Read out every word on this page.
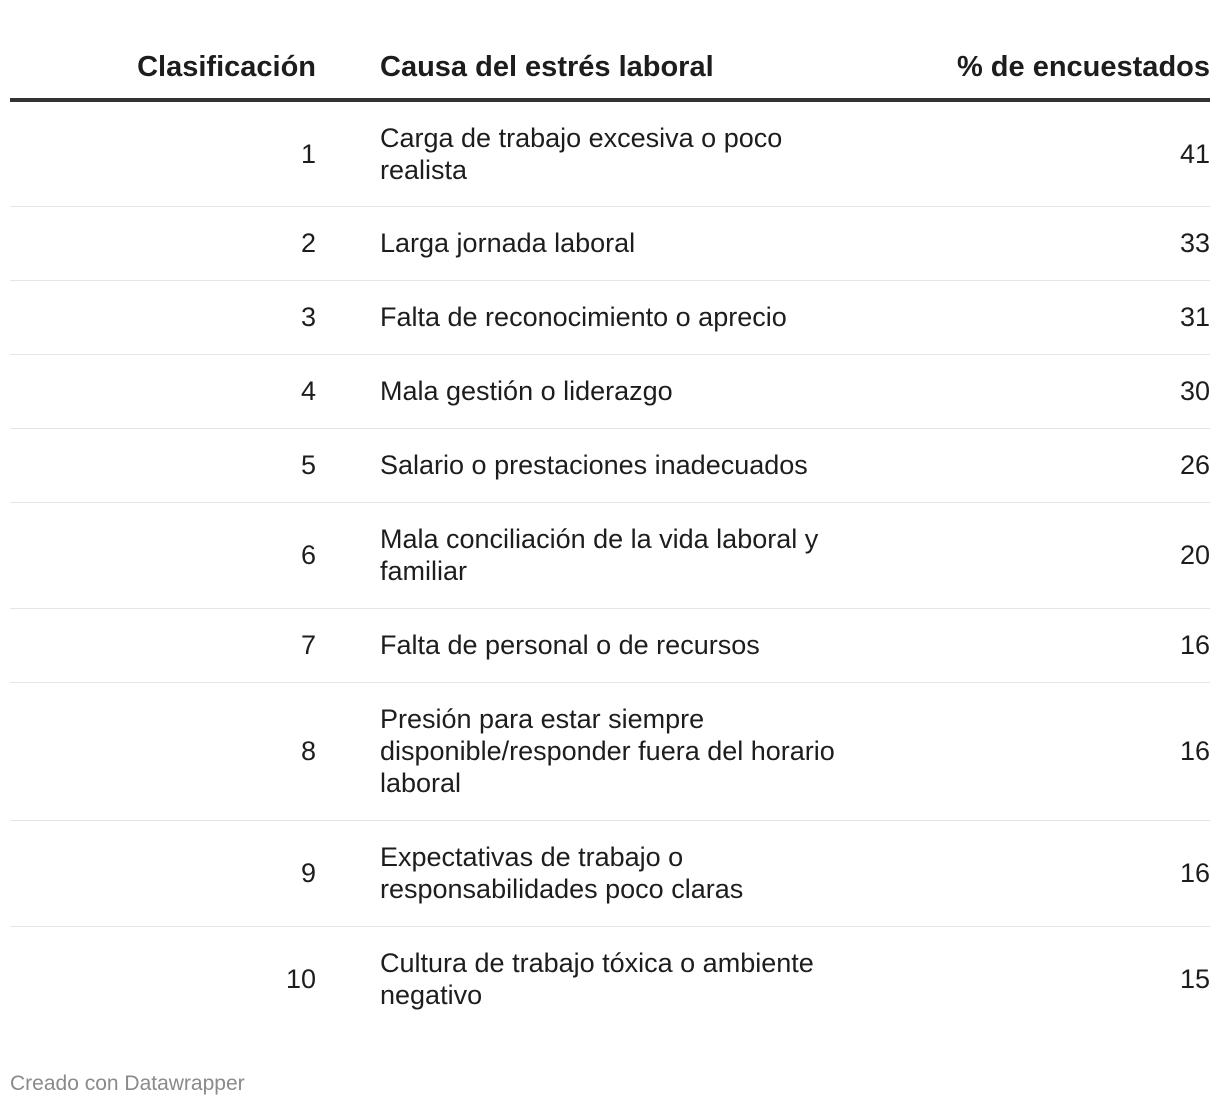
Clasificación		Causa del estrés laboral	% de encuestados
1		Carga de trabajo excesiva o poco realista	41
2		Larga jornada laboral	33
3		Falta de reconocimiento o aprecio	31
4		Mala gestión o liderazgo	30
5		Salario o prestaciones inadecuados	26
6		Mala conciliación de la vida laboral y familiar	20
7		Falta de personal o de recursos	16
8		Presión para estar siempre disponible/responder fuera del horario laboral	16
9		Expectativas de trabajo o responsabilidades poco claras	16
10		Cultura de trabajo tóxica o ambiente negativo	15
Creado con Datawrapper
